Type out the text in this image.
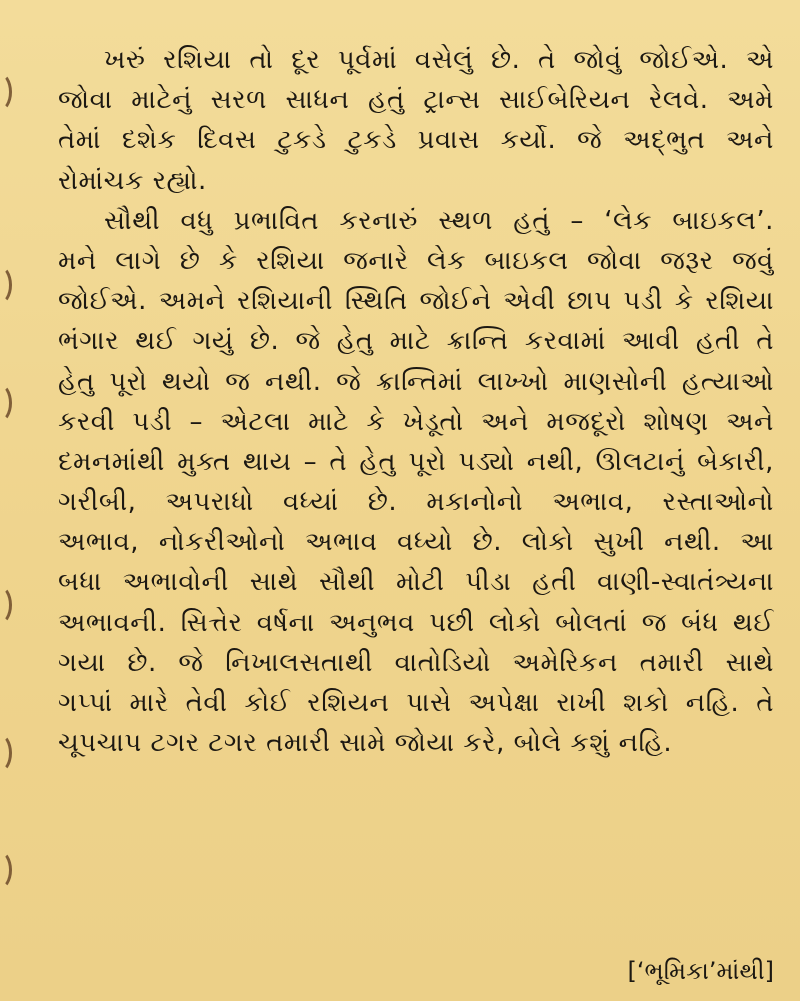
ખરું રશિયા તો દૂર પૂર્વમાં વસેલું છે. તે જોવું જોઈએ. એ
જોવા માટેનું સરળ સાધન હતું ટ્રાન્સ સાઈબેરિયન રેલવે. અમે
તેમાં દશેક દિવસ ટુકડે ટુકડે પ્રવાસ કર્યો. જે અદ્ભુત અને
રોમાંચક રહ્યો.
સૌથી વધુ પ્રભાવિત કરનારું સ્થળ હતું – ‘લેક બાઇકલ’.
મને લાગે છે કે રશિયા જનારે લેક બાઇકલ જોવા જરૂર જવું
જોઈએ. અમને રશિયાની સ્થિતિ જોઈને એવી છાપ પડી કે રશિયા
ભંગાર થઈ ગયું છે. જે હેતુ માટે ક્રાન્તિ કરવામાં આવી હતી તે
હેતુ પૂરો થયો જ નથી. જે ક્રાન્તિમાં લાખ્ખો માણસોની હત્યાઓ
કરવી પડી – એટલા માટે કે ખેડૂતો અને મજદૂરો શોષણ અને
દમનમાંથી મુક્ત થાય – તે હેતુ પૂરો પડ્યો નથી, ઊલટાનું બેકારી,
ગરીબી, અપરાધો વધ્યાં છે. મકાનોનો અભાવ, રસ્તાઓનો
અભાવ, નોકરીઓનો અભાવ વધ્યો છે. લોકો સુખી નથી. આ
બધા અભાવોની સાથે સૌથી મોટી પીડા હતી વાણી-સ્વાતંત્ર્યના
અભાવની. સિત્તેર વર્ષના અનુભવ પછી લોકો બોલતાં જ બંધ થઈ
ગયા છે. જે નિખાલસતાથી વાતોડિયો અમેરિકન તમારી સાથે
ગપ્પાં મારે તેવી કોઈ રશિયન પાસે અપેક્ષા રાખી શકો નહિ. તે
ચૂપચાપ ટગર ટગર તમારી સામે જોયા કરે, બોલે કશું નહિ.
[‘ભૂમિકા’માંથી]
